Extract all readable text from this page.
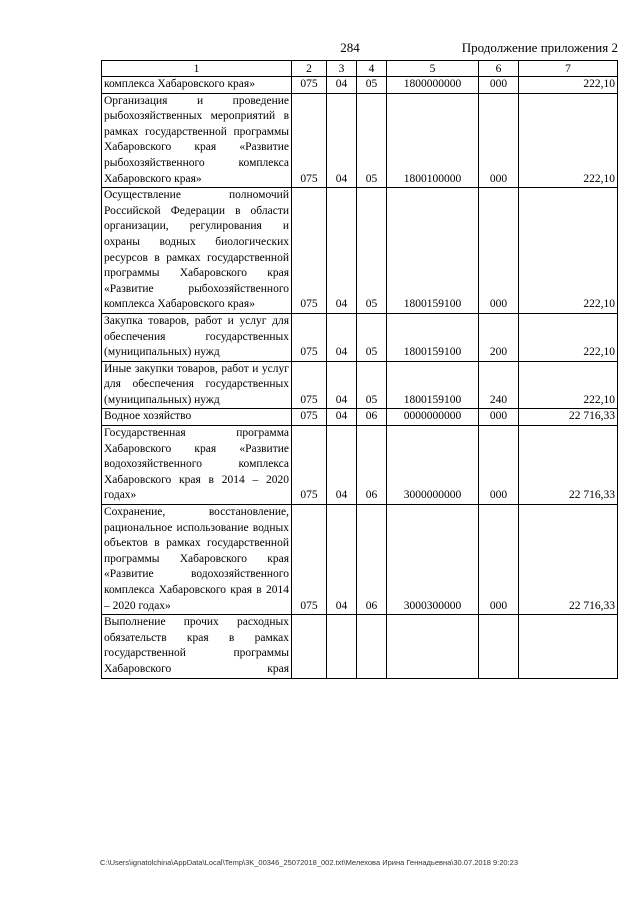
284	Продолжение приложения 2
1	2	3	4	5	6	7
комплекса Хабаровского края»	075	04	05	1800000000	000	222,10
Организация и проведение рыбохозяйственных мероприятий в рамках государственной программы Хабаровского края «Развитие рыбохозяйственного комплекса Хабаровского края»	075	04	05	1800100000	000	222,10
Осуществление полномочий Российской Федерации в области организации, регулирования и охраны водных биологических ресурсов в рамках государственной программы Хабаровского края «Развитие рыбохозяйственного комплекса Хабаровского края»	075	04	05	1800159100	000	222,10
Закупка товаров, работ и услуг для обеспечения государственных (муниципальных) нужд	075	04	05	1800159100	200	222,10
Иные закупки товаров, работ и услуг для обеспечения государственных (муниципальных) нужд	075	04	05	1800159100	240	222,10
Водное хозяйство	075	04	06	0000000000	000	22 716,33
Государственная программа Хабаровского края «Развитие водохозяйственного комплекса Хабаровского края в 2014 – 2020 годах»	075	04	06	3000000000	000	22 716,33
Сохранение, восстановление, рациональное использование водных объектов в рамках государственной программы Хабаровского края «Развитие водохозяйственного комплекса Хабаровского края в 2014 – 2020 годах»	075	04	06	3000300000	000	22 716,33
Выполнение прочих расходных обязательств края в рамках государственной программы Хабаровского края						
C:\Users\ignatolchina\AppData\Local\Temp\3K_00346_25072018_002.txt\Мелехова Ирина Геннадьевна\30.07.2018 9:20:23
